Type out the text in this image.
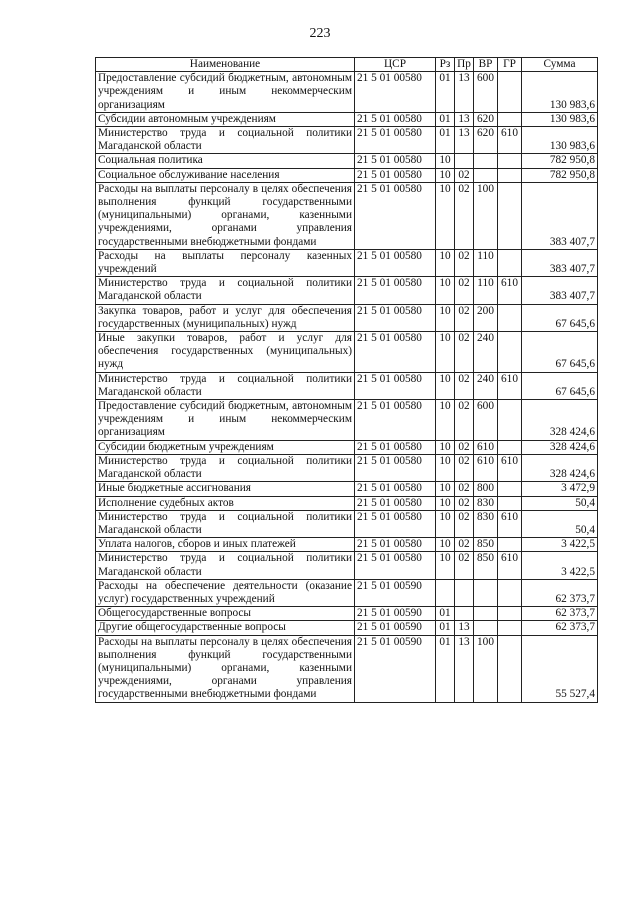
223
Наименование	ЦСР	Рз	Пр	ВР	ГР	Сумма
Предоставление субсидий бюджетным, автономным учреждениям и иным некоммерческим организациям	21 5 01 00580	01	13	600		130 983,6
Субсидии автономным учреждениям	21 5 01 00580	01	13	620		130 983,6
Министерство труда и социальной политики Магаданской области	21 5 01 00580	01	13	620	610	130 983,6
Социальная политика	21 5 01 00580	10				782 950,8
Социальное обслуживание населения	21 5 01 00580	10	02			782 950,8
Расходы на выплаты персоналу в целях обеспечения выполнения функций государственными (муниципальными) органами, казенными учреждениями, органами управления государственными внебюджетными фондами	21 5 01 00580	10	02	100		383 407,7
Расходы на выплаты персоналу казенных учреждений	21 5 01 00580	10	02	110		383 407,7
Министерство труда и социальной политики Магаданской области	21 5 01 00580	10	02	110	610	383 407,7
Закупка товаров, работ и услуг для обеспечения государственных (муниципальных) нужд	21 5 01 00580	10	02	200		67 645,6
Иные закупки товаров, работ и услуг для обеспечения государственных (муниципальных) нужд	21 5 01 00580	10	02	240		67 645,6
Министерство труда и социальной политики Магаданской области	21 5 01 00580	10	02	240	610	67 645,6
Предоставление субсидий бюджетным, автономным учреждениям и иным некоммерческим организациям	21 5 01 00580	10	02	600		328 424,6
Субсидии бюджетным учреждениям	21 5 01 00580	10	02	610		328 424,6
Министерство труда и социальной политики Магаданской области	21 5 01 00580	10	02	610	610	328 424,6
Иные бюджетные ассигнования	21 5 01 00580	10	02	800		3 472,9
Исполнение судебных актов	21 5 01 00580	10	02	830		50,4
Министерство труда и социальной политики Магаданской области	21 5 01 00580	10	02	830	610	50,4
Уплата налогов, сборов и иных платежей	21 5 01 00580	10	02	850		3 422,5
Министерство труда и социальной политики Магаданской области	21 5 01 00580	10	02	850	610	3 422,5
Расходы на обеспечение деятельности (оказание услуг) государственных учреждений	21 5 01 00590					62 373,7
Общегосударственные вопросы	21 5 01 00590	01				62 373,7
Другие общегосударственные вопросы	21 5 01 00590	01	13			62 373,7
Расходы на выплаты персоналу в целях обеспечения выполнения функций государственными (муниципальными) органами, казенными учреждениями, органами управления государственными внебюджетными фондами	21 5 01 00590	01	13	100		55 527,4
